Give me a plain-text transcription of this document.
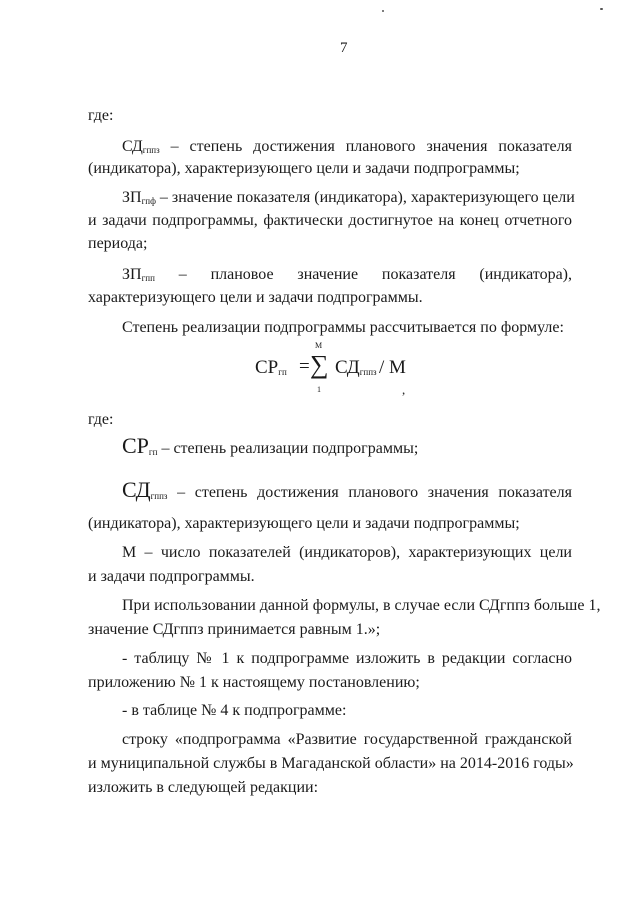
7
где:
$СД_{гппз}$ – степень достижения планового значения показателя
(индикатора), характеризующего цели и задачи подпрограммы;
$ЗП_{гпф}$ – значение показателя (индикатора), характеризующего цели
и задачи подпрограммы, фактически достигнутое на конец отчетного
периода;
$ЗП_{гпп}$ – плановое значение показателя (индикатора),
характеризующего цели и задачи подпрограммы.
Степень реализации подпрограммы рассчитывается по формуле:
$СР_{гп}$ =
М
∑
1
$СД_{гппз}$ / М
,
где:
$СР_{гп}$ – степень реализации подпрограммы;
$СД_{гппз}$ – степень достижения планового значения показателя
(индикатора), характеризующего цели и задачи подпрограммы;
М – число показателей (индикаторов), характеризующих цели
и задачи подпрограммы.
При использовании данной формулы, в случае если СДгппз больше 1,
значение СДгппз принимается равным 1.»;
- таблицу № 1 к подпрограмме изложить в редакции согласно
приложению № 1 к настоящему постановлению;
- в таблице № 4 к подпрограмме:
строку «подпрограмма «Развитие государственной гражданской
и муниципальной службы в Магаданской области» на 2014-2016 годы»
изложить в следующей редакции:
